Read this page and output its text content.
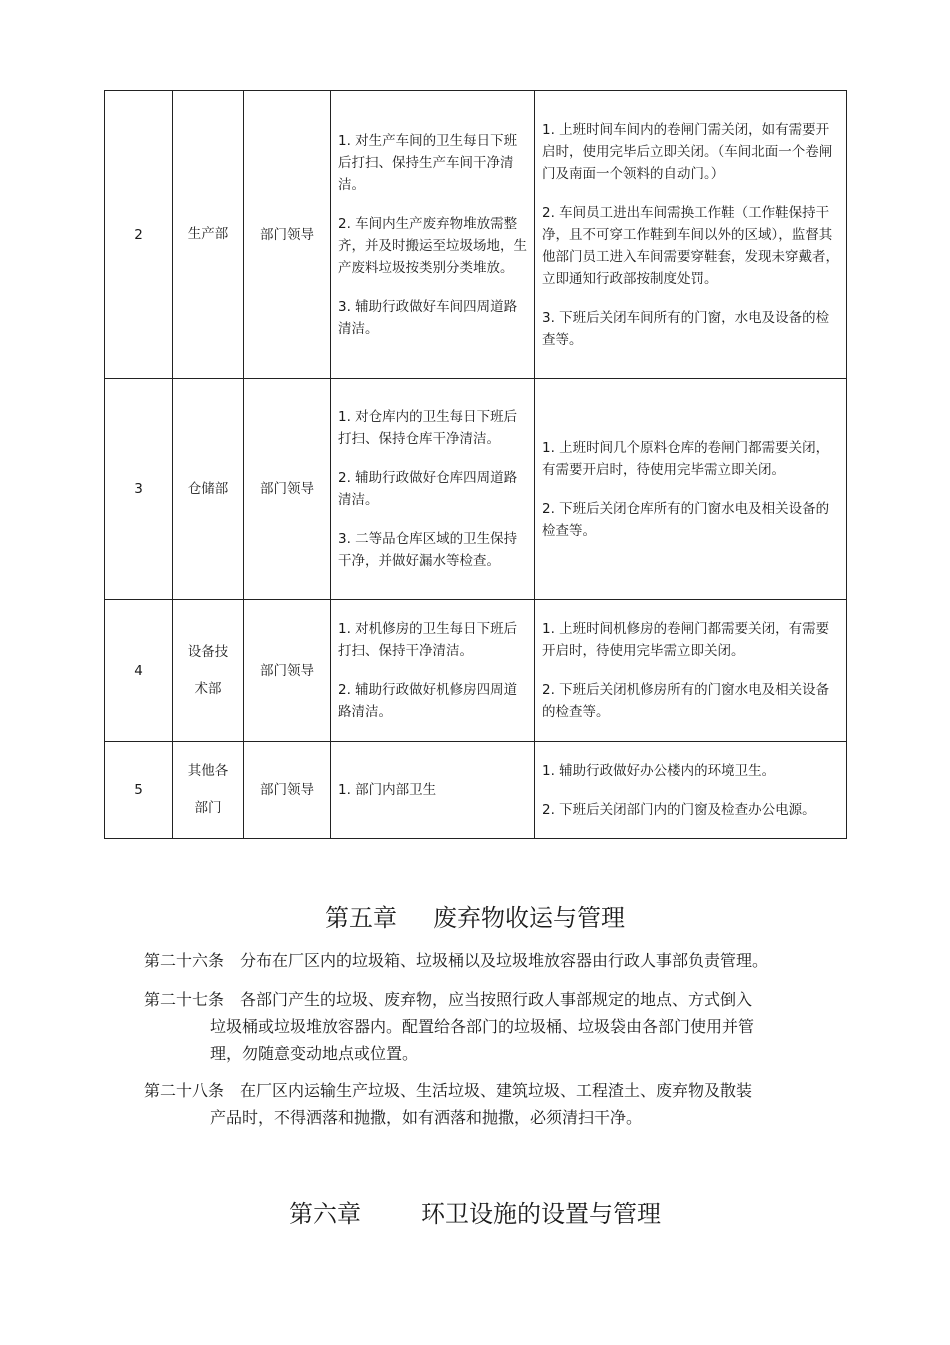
2	生产部	部门领导	1. 对生产车间的卫生每日下班后打扫、保持生产车间干净清洁。
2. 车间内生产废弃物堆放需整齐，并及时搬运至垃圾场地，生产废料垃圾按类别分类堆放。
3. 辅助行政做好车间四周道路清洁。	1. 上班时间车间内的卷闸门需关闭，如有需要开启时，使用完毕后立即关闭。（车间北面一个卷闸门及南面一个领料的自动门。）
2. 车间员工进出车间需换工作鞋（工作鞋保持干净，且不可穿工作鞋到车间以外的区域），监督其他部门员工进入车间需要穿鞋套，发现未穿戴者，立即通知行政部按制度处罚。
3. 下班后关闭车间所有的门窗，水电及设备的检查等。

3	仓储部	部门领导	1. 对仓库内的卫生每日下班后打扫、保持仓库干净清洁。
2. 辅助行政做好仓库四周道路清洁。
3. 二等品仓库区域的卫生保持干净，并做好漏水等检查。	1. 上班时间几个原料仓库的卷闸门都需要关闭，有需要开启时，待使用完毕需立即关闭。
2. 下班后关闭仓库所有的门窗水电及相关设备的检查等。

4	设备技
术部	部门领导	1. 对机修房的卫生每日下班后打扫、保持干净清洁。
2. 辅助行政做好机修房四周道路清洁。	1. 上班时间机修房的卷闸门都需要关闭，有需要开启时，待使用完毕需立即关闭。
2. 下班后关闭机修房所有的门窗水电及相关设备的检查等。

5	其他各
部门	部门领导	1. 部门内部卫生	1. 辅助行政做好办公楼内的环境卫生。
2. 下班后关闭部门内的门窗及检查办公电源。
第五章 废弃物收运与管理
第二十六条 分布在厂区内的垃圾箱、垃圾桶以及垃圾堆放容器由行政人事部负责管理。
第二十七条 各部门产生的垃圾、废弃物，应当按照行政人事部规定的地点、方式倒入
垃圾桶或垃圾堆放容器内。配置给各部门的垃圾桶、垃圾袋由各部门使用并管
理，勿随意变动地点或位置。
第二十八条 在厂区内运输生产垃圾、生活垃圾、建筑垃圾、工程渣土、废弃物及散装
产品时，不得洒落和抛撒，如有洒落和抛撒，必须清扫干净。
第六章	环卫设施的设置与管理
